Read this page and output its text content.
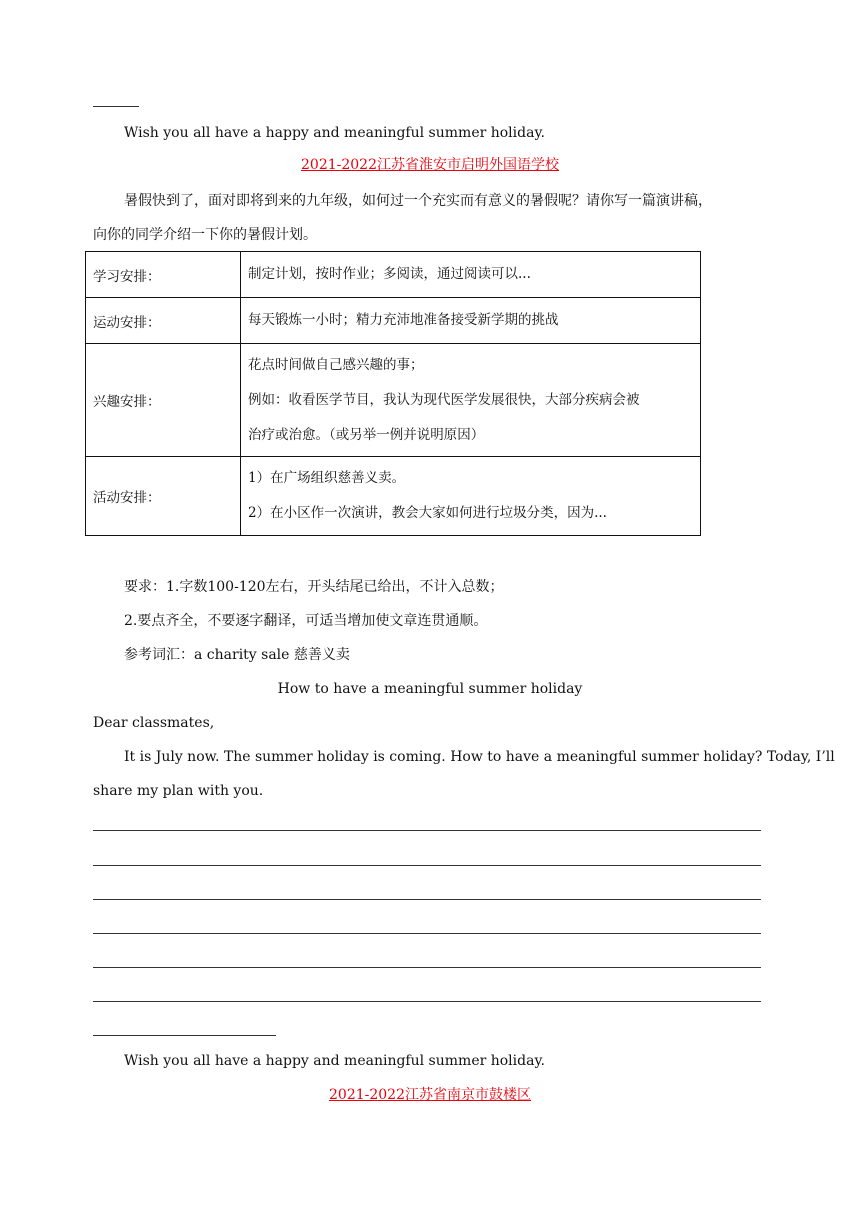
Wish you all have a happy and meaningful summer holiday.
2021-2022江苏省淮安市启明外国语学校
暑假快到了，面对即将到来的九年级，如何过一个充实而有意义的暑假呢？请你写一篇演讲稿，
向你的同学介绍一下你的暑假计划。
学习安排：	制定计划，按时作业；多阅读，通过阅读可以...

运动安排：	每天锻炼一小时；精力充沛地准备接受新学期的挑战

兴趣安排：	花点时间做自己感兴趣的事；
例如：收看医学节目，我认为现代医学发展很快，大部分疾病会被
治疗或治愈。（或另举一例并说明原因）

活动安排：	1）在广场组织慈善义卖。
2）在小区作一次演讲，教会大家如何进行垃圾分类，因为...
要求：1.字数100-120左右，开头结尾已给出，不计入总数；
2.要点齐全，不要逐字翻译，可适当增加使文章连贯通顺。
参考词汇：a charity sale 慈善义卖
How to have a meaningful summer holiday
Dear classmates,
It is July now. The summer holiday is coming. How to have a meaningful summer holiday? Today, I’ll
share my plan with you.
Wish you all have a happy and meaningful summer holiday.
2021-2022江苏省南京市鼓楼区
